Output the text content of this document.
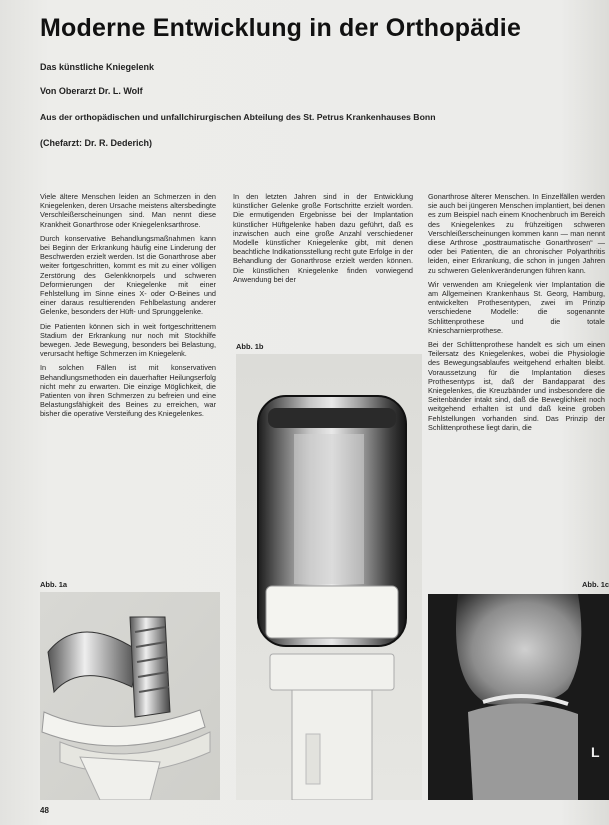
Moderne Entwicklung in der Orthopädie

Das künstliche Kniegelenk

Von Oberarzt Dr. L. Wolf

Aus der orthopädischen und unfallchirurgischen Abteilung des St. Petrus Krankenhauses Bonn

(Chefarzt: Dr. R. Dederich)

Viele ältere Menschen leiden an Schmerzen in den Kniegelenken, deren Ursache meistens altersbedingte Verschleißerscheinungen sind. Man nennt diese Krankheit Gonarthrose oder Kniegelenksarthrose.

Durch konservative Behandlungsmaßnahmen kann bei Beginn der Erkrankung häufig eine Linderung der Beschwerden erzielt werden. Ist die Gonarthrose aber weiter fortgeschritten, kommt es mit zu einer völligen Zerstörung des Gelenkknorpels und schweren Deformierungen der Kniegelenke mit einer Fehlstellung im Sinne eines X- oder O-Beines und einer daraus resultierenden Fehlbelastung anderer Gelenke, besonders der Hüft- und Sprunggelenke.

Die Patienten können sich in weit fortgeschrittenem Stadium der Erkrankung nur noch mit Stockhilfe bewegen. Jede Bewegung, besonders bei Belastung, verursacht heftige Schmerzen im Kniegelenk.

In solchen Fällen ist mit konservativen Behandlungsmethoden ein dauerhafter Heilungserfolg nicht mehr zu erwarten. Die einzige Möglichkeit, die Patienten von ihren Schmerzen zu befreien und eine Belastungsfähigkeit des Beines zu erreichen, war bisher die operative Versteifung des Kniegelenkes.

In den letzten Jahren sind in der Entwicklung künstlicher Gelenke große Fortschritte erzielt worden. Die ermutigenden Ergebnisse bei der Implantation künstlicher Hüftgelenke haben dazu geführt, daß es inzwischen auch eine große Anzahl verschiedener Modelle künstlicher Kniegelenke gibt, mit denen beachtliche Indikationsstellung recht gute Erfolge in der Behandlung der Gonarthrose erzielt werden können. Die künstlichen Kniegelenke finden vorwiegend Anwendung bei der

Gonarthrose älterer Menschen. In Einzelfällen werden sie auch bei jüngeren Menschen implantiert, bei denen es zum Beispiel nach einem Knochenbruch im Bereich des Kniegelenkes zu frühzeitigen schweren Verschleißerscheinungen kommen kann — man nennt diese Arthrose „posttraumatische Gonarthrosen“ — oder bei Patienten, die an chronischer Polyarthritis leiden, einer Erkrankung, die schon in jungen Jahren zu schweren Gelenkveränderungen führen kann.

Wir verwenden am Kniegelenk vier Implantation die am Allgemeinen Krankenhaus St. Georg, Hamburg, entwickelten Prothesentypen, zwei im Prinzip verschiedene Modelle: die sogenannte Schlittenprothese und die totale Kniescharnierprothese.

Bei der Schlittenprothese handelt es sich um einen Teilersatz des Kniegelenkes, wobei die Physiologie des Bewegungsablaufes weitgehend erhalten bleibt. Voraussetzung für die Implantation dieses Prothesentyps ist, daß der Bandapparat des Kniegelenkes, die Kreuzbänder und insbesondere die Seitenbänder intakt sind, daß die Beweglichkeit noch weitgehend erhalten ist und daß keine groben Fehlstellungen vorhanden sind. Das Prinzip der Schlittenprothese liegt darin, die

Abb. 1a
Abb. 1b
Abb. 1c
L
48
